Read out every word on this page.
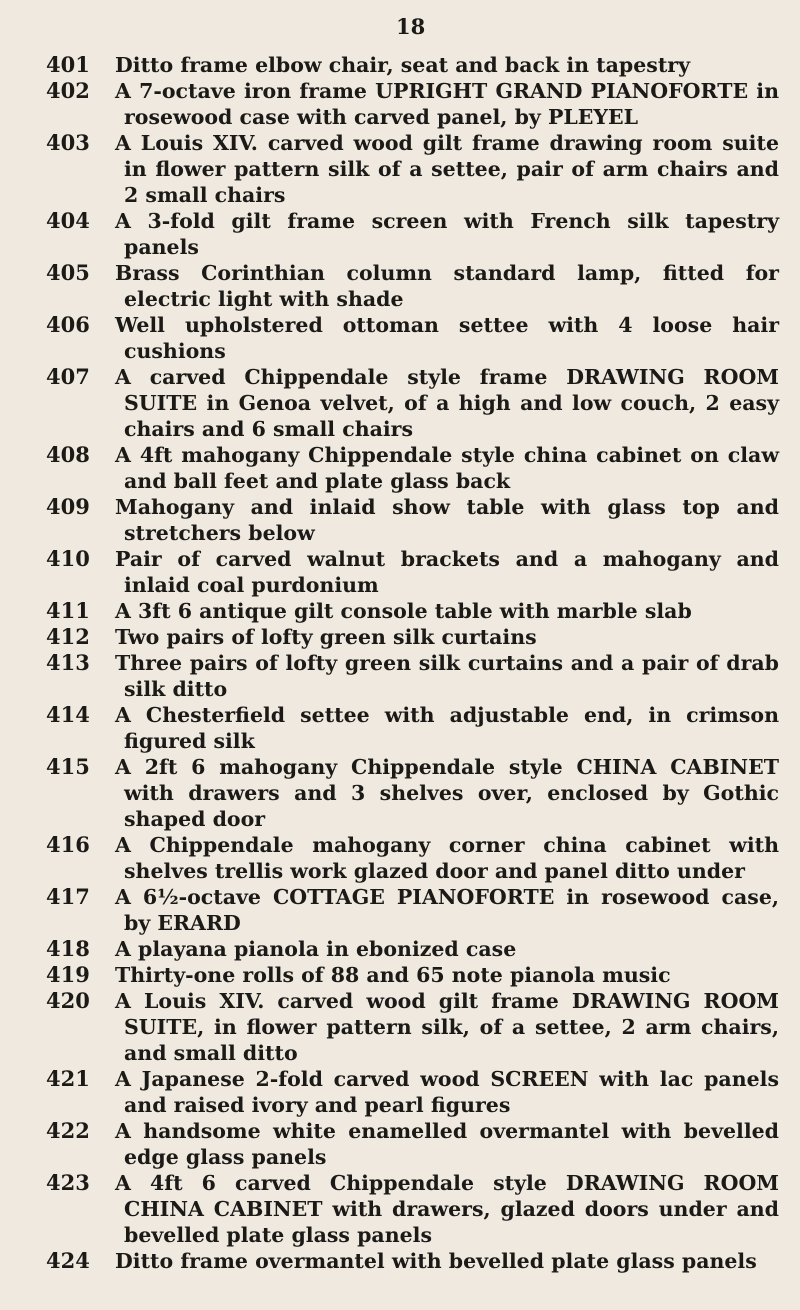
18
401	Ditto frame elbow chair, seat and back in tapestry
402	A 7-octave iron frame UPRIGHT GRAND PIANOFORTE in rosewood case with carved panel, by PLEYEL
403	A Louis XIV. carved wood gilt frame drawing room suite in flower pattern silk of a settee, pair of arm chairs and 2 small chairs
404	A 3-fold gilt frame screen with French silk tapestry panels
405	Brass Corinthian column standard lamp, fitted for electric light with shade
406	Well upholstered ottoman settee with 4 loose hair cushions
407	A carved Chippendale style frame DRAWING ROOM SUITE in Genoa velvet, of a high and low couch, 2 easy chairs and 6 small chairs
408	A 4ft mahogany Chippendale style china cabinet on claw and ball feet and plate glass back
409	Mahogany and inlaid show table with glass top and stretchers below
410	Pair of carved walnut brackets and a mahogany and inlaid coal purdonium
411	A 3ft 6 antique gilt console table with marble slab
412	Two pairs of lofty green silk curtains
413	Three pairs of lofty green silk curtains and a pair of drab silk ditto
414	A Chesterfield settee with adjustable end, in crimson figured silk
415	A 2ft 6 mahogany Chippendale style CHINA CABINET with drawers and 3 shelves over, enclosed by Gothic shaped door
416	A Chippendale mahogany corner china cabinet with shelves trellis work glazed door and panel ditto under
417	A 6½-octave COTTAGE PIANOFORTE in rosewood case, by ERARD
418	A playana pianola in ebonized case
419	Thirty-one rolls of 88 and 65 note pianola music
420	A Louis XIV. carved wood gilt frame DRAWING ROOM SUITE, in flower pattern silk, of a settee, 2 arm chairs, and small ditto
421	A Japanese 2-fold carved wood SCREEN with lac panels and raised ivory and pearl figures
422	A handsome white enamelled overmantel with bevelled edge glass panels
423	A 4ft 6 carved Chippendale style DRAWING ROOM CHINA CABINET with drawers, glazed doors under and bevelled plate glass panels
424	Ditto frame overmantel with bevelled plate glass panels
